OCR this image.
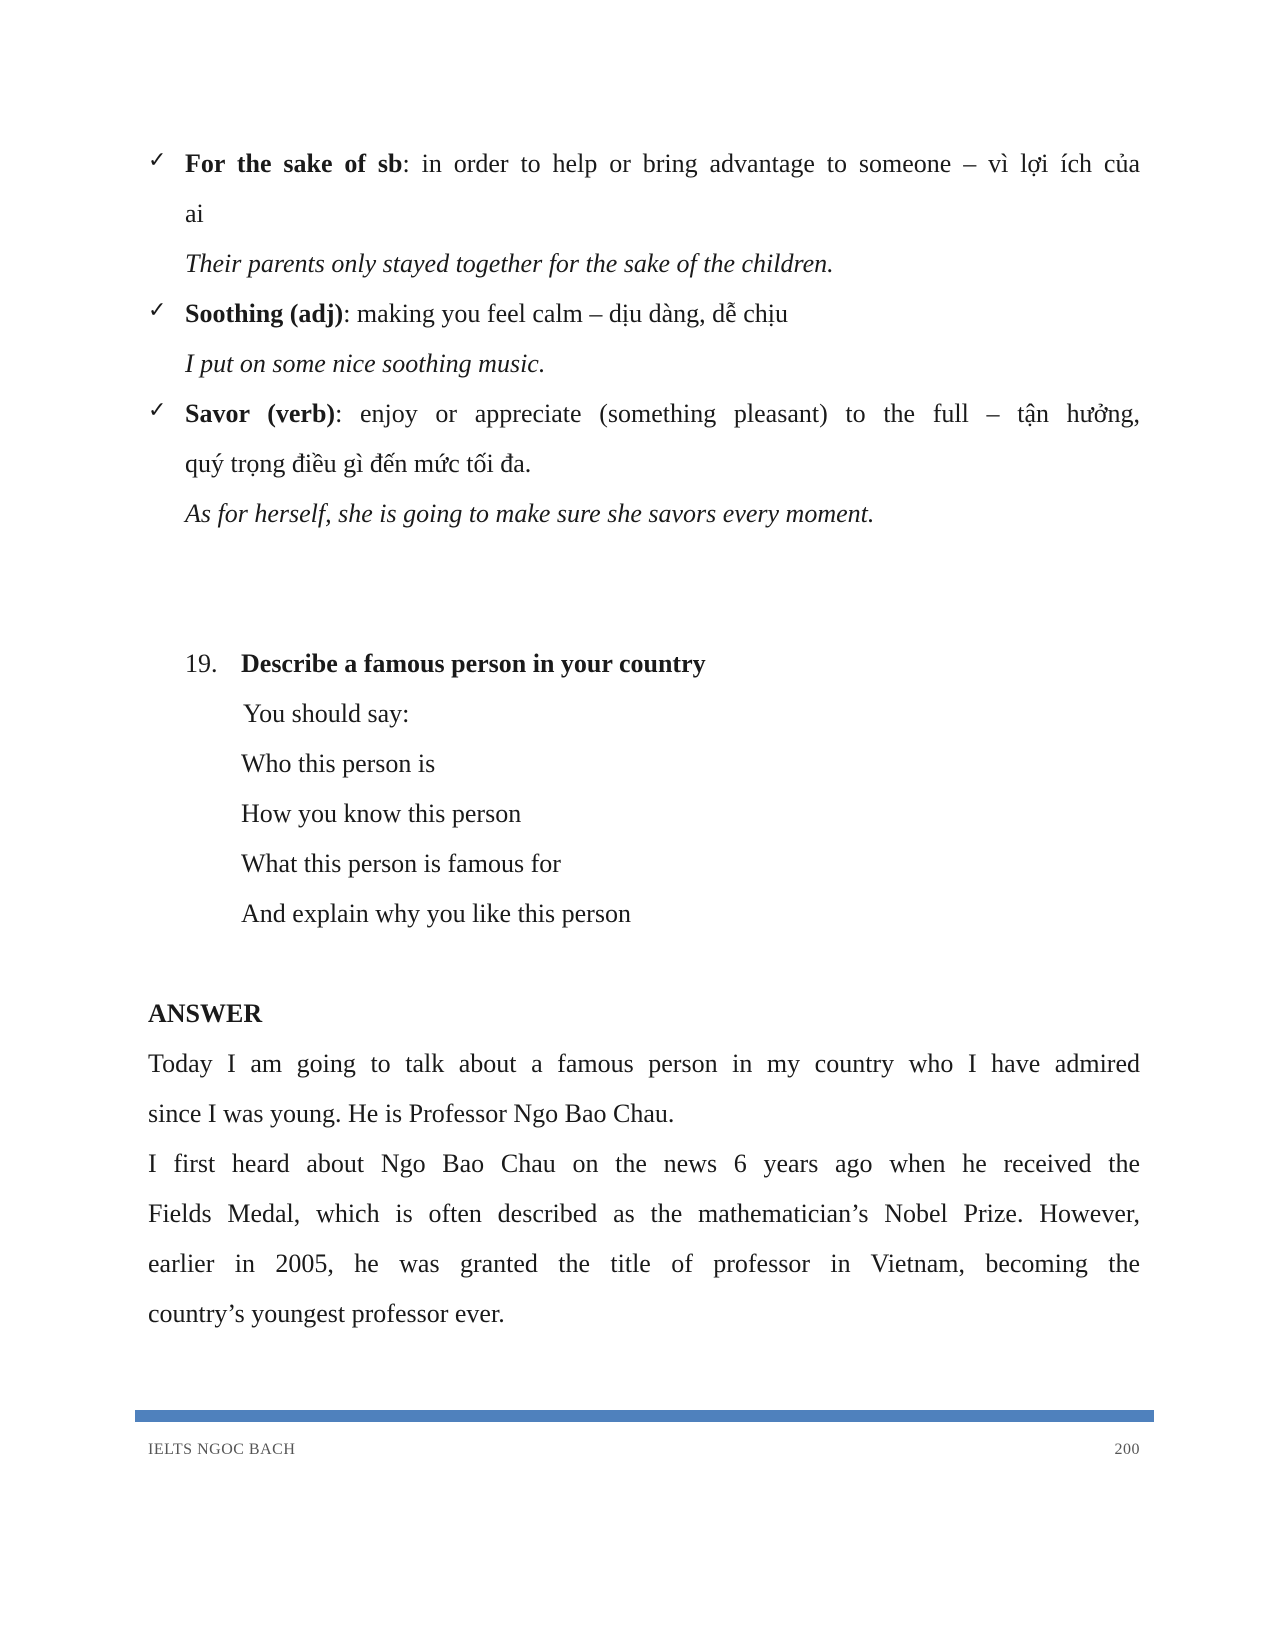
✓ For the sake of sb: in order to help or bring advantage to someone – vì lợi ích của
ai
Their parents only stayed together for the sake of the children.
✓ Soothing (adj): making you feel calm – dịu dàng, dễ chịu
I put on some nice soothing music.
✓ Savor (verb): enjoy or appreciate (something pleasant) to the full – tận hưởng,
quý trọng điều gì đến mức tối đa.
As for herself, she is going to make sure she savors every moment.
19. Describe a famous person in your country
You should say:
Who this person is
How you know this person
What this person is famous for
And explain why you like this person
ANSWER
Today I am going to talk about a famous person in my country who I have admired
since I was young. He is Professor Ngo Bao Chau.
I first heard about Ngo Bao Chau on the news 6 years ago when he received the
Fields Medal, which is often described as the mathematician’s Nobel Prize. However,
earlier in 2005, he was granted the title of professor in Vietnam, becoming the
country’s youngest professor ever.
IELTS NGOC BACH	200
